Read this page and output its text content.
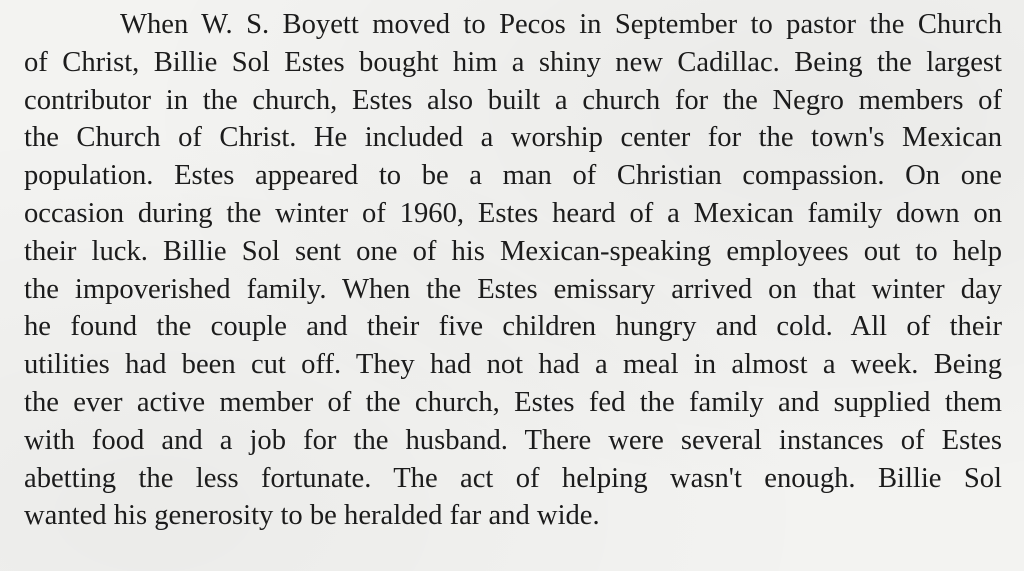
When W. S. Boyett moved to Pecos in September to pastor the Church
of Christ, Billie Sol Estes bought him a shiny new Cadillac. Being the largest
contributor in the church, Estes also built a church for the Negro members of
the Church of Christ. He included a worship center for the town's Mexican
population. Estes appeared to be a man of Christian compassion. On one
occasion during the winter of 1960, Estes heard of a Mexican family down on
their luck. Billie Sol sent one of his Mexican-speaking employees out to help
the impoverished family. When the Estes emissary arrived on that winter day
he found the couple and their five children hungry and cold. All of their
utilities had been cut off. They had not had a meal in almost a week. Being
the ever active member of the church, Estes fed the family and supplied them
with food and a job for the husband. There were several instances of Estes
abetting the less fortunate. The act of helping wasn't enough. Billie Sol
wanted his generosity to be heralded far and wide.
